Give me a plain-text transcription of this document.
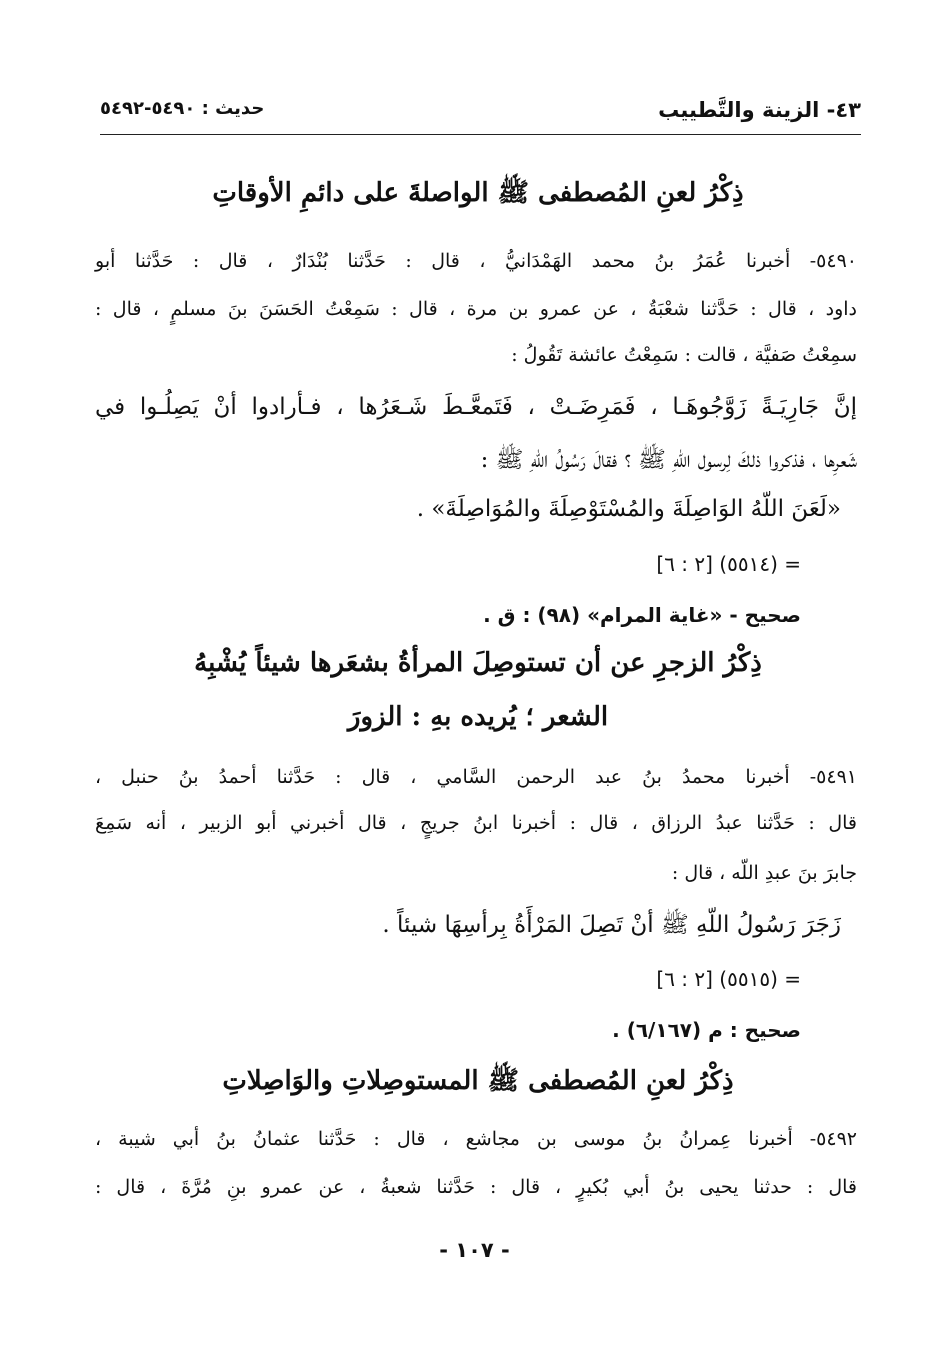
٤٣- الزينة والتَّطييب
حديث : ٥٤٩٠-٥٤٩٢
ذِكْرُ لعنِ المُصطفى ﷺ الواصلةَ على دائمِ الأوقاتِ
٥٤٩٠- أخبرنا عُمَرُ بنُ محمد الهَمْدَانيُّ ، قال : حَدَّثنا بُنْدَارٌ ، قال : حَدَّثنا أبو
داود ، قال : حَدَّثنا شعْبَةُ ، عن عمرو بن مرة ، قال : سَمِعْتُ الحَسَنَ بنَ مسلمٍ ، قال :
سمِعْتُ صَفيَّة ، قالت : سَمِعْتُ عائشة تَقُولُ :
إنَّ جَارِيَـةً زَوَّجُوهَـا ، فَمَرِضَـتْ ، فَتَمعَّـطَ شَـعَرُها ، فـأرادوا أنْ يَصِلُـوا في
شَعرِها ، فذكروا ذلكَ لِرسول اللّهِ ﷺ ؟ فقالَ رَسُولُ اللّهِ ﷺ :
«لَعَنَ اللّهُ الوَاصِلَةَ والمُسْتَوْصِلَةَ والمُوَاصِلَةَ» .
= (٥٥١٤) [٢ : ٦]
صحيح - «غاية المرام» (٩٨) : ق .
ذِكْرُ الزجرِ عن أن تستوصِلَ المرأةُ بشعَرها شيئاً يُشْبِهُ
الشعر ؛ يُريده بهِ : الزورَ
٥٤٩١- أخبرنا محمدُ بنُ عبد الرحمن السَّامي ، قال : حَدَّثنا أحمدُ بنُ حنبل ،
قال : حَدَّثنا عبدُ الرزاق ، قال : أخبرنا ابنُ جريجٍ ، قال أخبرني أبو الزبير ، أنه سَمِعَ
جابرَ بنَ عبدِ اللّه ، قال :
زَجَرَ رَسُولُ اللّهِ ﷺ أنْ تَصِلَ المَرْأَةُ بِرأسِهَا شيئاً .
= (٥٥١٥) [٢ : ٦]
صحيح : م (٦/١٦٧) .
ذِكْرُ لعنِ المُصطفى ﷺ المستوصِلاتِ والوَاصِلاتِ
٥٤٩٢- أخبرنا عِمرانُ بنُ موسى بن مجاشع ، قال : حَدَّثنا عثمانُ بنُ أبي شيبة ،
قال : حدثنا يحيى بنُ أبي بُكيرٍ ، قال : حَدَّثنا شعبةُ ، عن عمرو بنِ مُرَّةَ ، قال :
- ١٠٧ -
